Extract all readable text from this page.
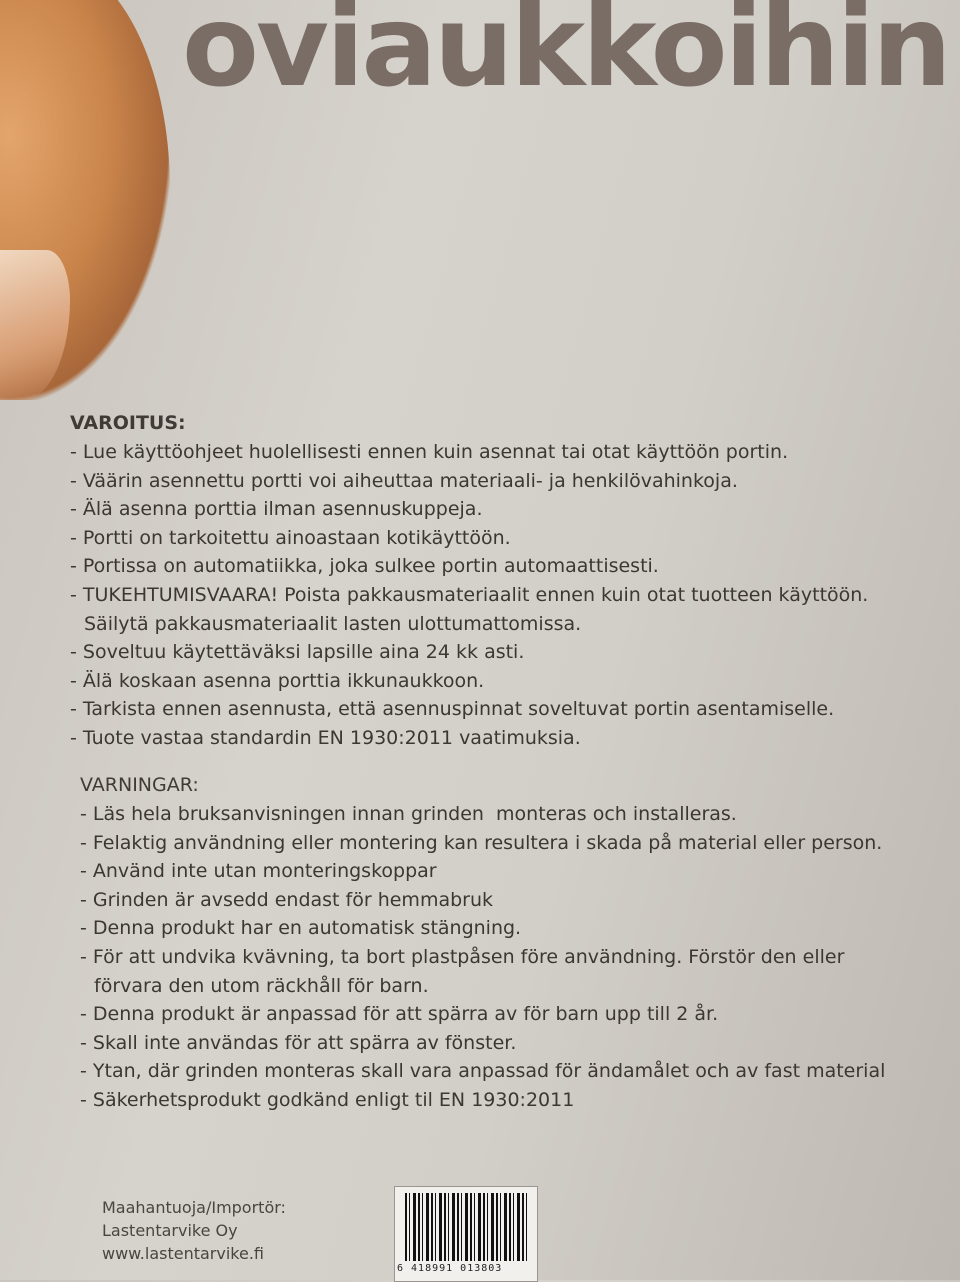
oviaukkoihin
VAROITUS:
- Lue käyttöohjeet huolellisesti ennen kuin asennat tai otat käyttöön portin.
- Väärin asennettu portti voi aiheuttaa materiaali- ja henkilövahinkoja.
- Älä asenna porttia ilman asennuskuppeja.
- Portti on tarkoitettu ainoastaan kotikäyttöön.
- Portissa on automatiikka, joka sulkee portin automaattisesti.
- TUKEHTUMISVAARA! Poista pakkausmateriaalit ennen kuin otat tuotteen käyttöön.
Säilytä pakkausmateriaalit lasten ulottumattomissa.
- Soveltuu käytettäväksi lapsille aina 24 kk asti.
- Älä koskaan asenna porttia ikkunaukkoon.
- Tarkista ennen asennusta, että asennuspinnat soveltuvat portin asentamiselle.
- Tuote vastaa standardin EN 1930:2011 vaatimuksia.
VARNINGAR:
- Läs hela bruksanvisningen innan grinden  monteras och installeras.
- Felaktig användning eller montering kan resultera i skada på material eller person.
- Använd inte utan monteringskoppar
- Grinden är avsedd endast för hemmabruk
- Denna produkt har en automatisk stängning.
- För att undvika kvävning, ta bort plastpåsen före användning. Förstör den eller
förvara den utom räckhåll för barn.
- Denna produkt är anpassad för att spärra av för barn upp till 2 år.
- Skall inte användas för att spärra av fönster.
- Ytan, där grinden monteras skall vara anpassad för ändamålet och av fast material
- Säkerhetsprodukt godkänd enligt til EN 1930:2011
Maahantuoja/Importör:
Lastentarvike Oy
www.lastentarvike.fi
6 418991 013803
